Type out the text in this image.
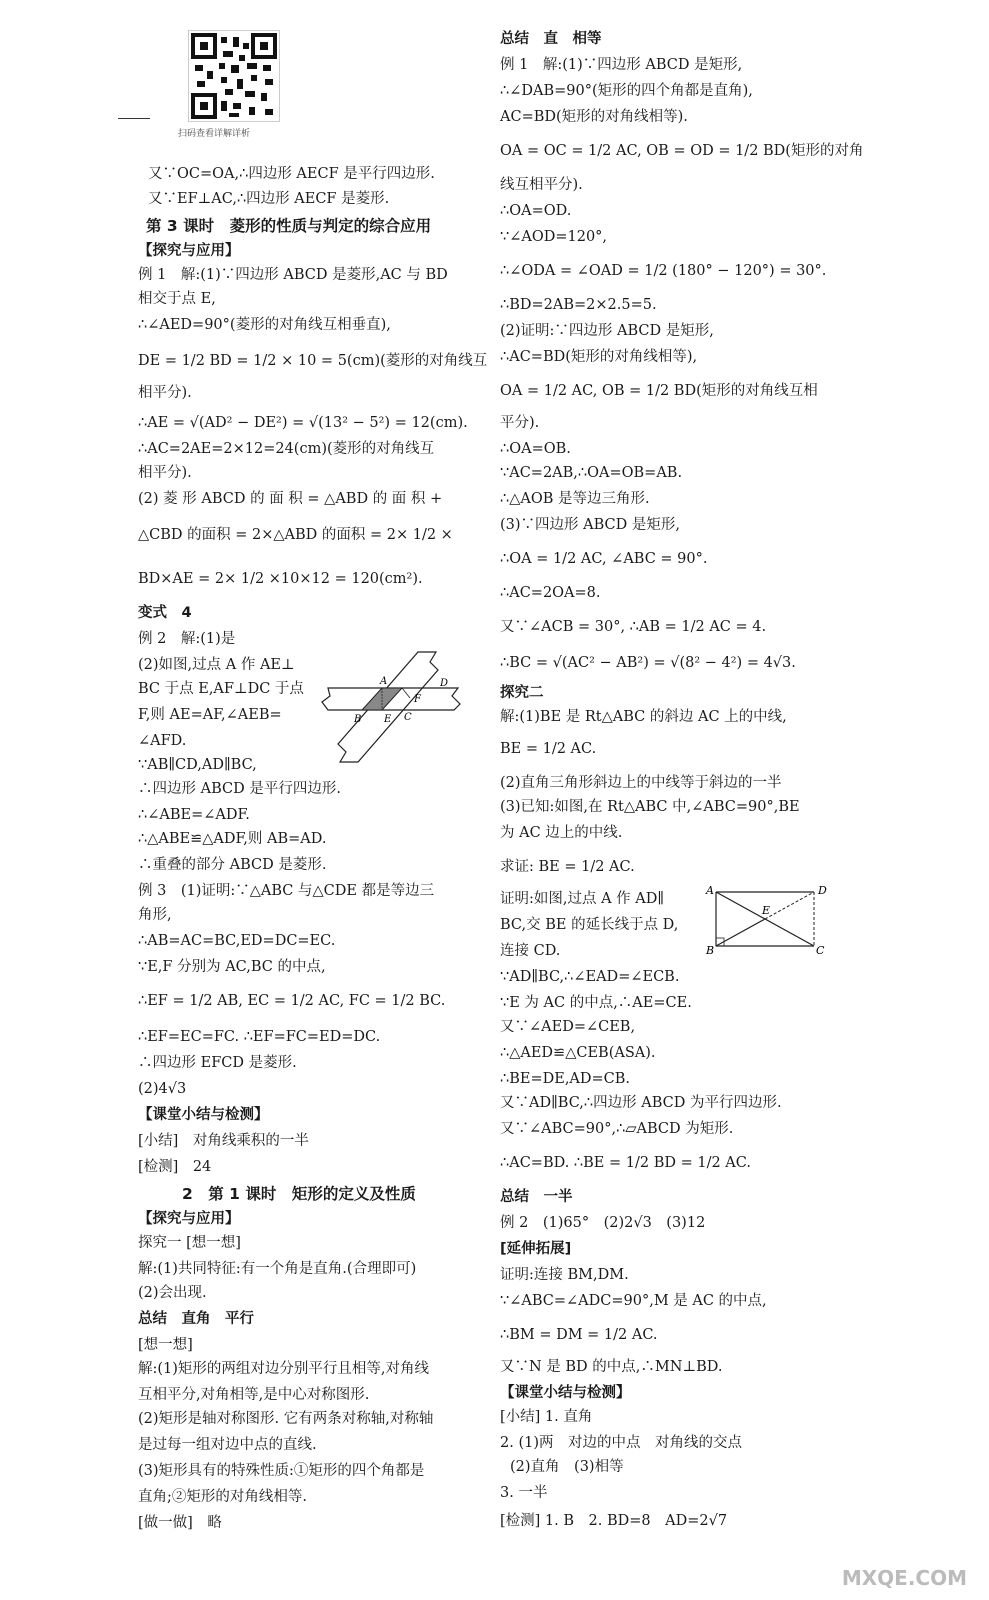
扫码查看详解详析
又∵OC=OA,∴四边形 AECF 是平行四边形.
又∵EF⊥AC,∴四边形 AECF 是菱形.
第 3 课时　菱形的性质与判定的综合应用
【探究与应用】
例 1　解:(1)∵四边形 ABCD 是菱形,AC 与 BD
相交于点 E,
∴∠AED=90°(菱形的对角线互相垂直),
DE = 1/2 BD = 1/2 × 10 = 5(cm)(菱形的对角线互
相平分).
∴AE = √(AD² − DE²) = √(13² − 5²) = 12(cm).
∴AC=2AE=2×12=24(cm)(菱形的对角线互
相平分).
(2) 菱 形 ABCD 的 面 积 = △ABD 的 面 积 +
△CBD 的面积 = 2×△ABD 的面积 = 2× 1/2 ×
BD×AE = 2× 1/2 ×10×12 = 120(cm²).
变式　4
例 2　解:(1)是
(2)如图,过点 A 作 AE⊥
BC 于点 E,AF⊥DC 于点
F,则 AE=AF,∠AEB=
∠AFD.
∵AB∥CD,AD∥BC,
∴四边形 ABCD 是平行四边形.
∴∠ABE=∠ADF.
∴△ABE≌△ADF,则 AB=AD.
∴重叠的部分 ABCD 是菱形.
例 3　(1)证明:∵△ABC 与△CDE 都是等边三
角形,
∴AB=AC=BC,ED=DC=EC.
∵E,F 分别为 AC,BC 的中点,
∴EF = 1/2 AB, EC = 1/2 AC, FC = 1/2 BC.
∴EF=EC=FC. ∴EF=FC=ED=DC.
∴四边形 EFCD 是菱形.
(2)4√3
【课堂小结与检测】
[小结]　对角线乘积的一半
[检测]　24
2　第 1 课时　矩形的定义及性质
【探究与应用】
探究一 [想一想]
解:(1)共同特征:有一个角是直角.(合理即可)
(2)会出现.
总结　直角　平行
[想一想]
解:(1)矩形的两组对边分别平行且相等,对角线
互相平分,对角相等,是中心对称图形.
(2)矩形是轴对称图形. 它有两条对称轴,对称轴
是过每一组对边中点的直线.
(3)矩形具有的特殊性质:①矩形的四个角都是
直角;②矩形的对角线相等.
[做一做]　略
总结　直　相等
例 1　解:(1)∵四边形 ABCD 是矩形,
∴∠DAB=90°(矩形的四个角都是直角),
AC=BD(矩形的对角线相等).
OA = OC = 1/2 AC, OB = OD = 1/2 BD(矩形的对角
线互相平分).
∴OA=OD.
∵∠AOD=120°,
∴∠ODA = ∠OAD = 1/2 (180° − 120°) = 30°.
∴BD=2AB=2×2.5=5.
(2)证明:∵四边形 ABCD 是矩形,
∴AC=BD(矩形的对角线相等),
OA = 1/2 AC, OB = 1/2 BD(矩形的对角线互相
平分).
∴OA=OB.
∵AC=2AB,∴OA=OB=AB.
∴△AOB 是等边三角形.
(3)∵四边形 ABCD 是矩形,
∴OA = 1/2 AC, ∠ABC = 90°.
∴AC=2OA=8.
又∵∠ACB = 30°, ∴AB = 1/2 AC = 4.
∴BC = √(AC² − AB²) = √(8² − 4²) = 4√3.
探究二
解:(1)BE 是 Rt△ABC 的斜边 AC 上的中线,
BE = 1/2 AC.
(2)直角三角形斜边上的中线等于斜边的一半
(3)已知:如图,在 Rt△ABC 中,∠ABC=90°,BE
为 AC 边上的中线.
求证: BE = 1/2 AC.
证明:如图,过点 A 作 AD∥
BC,交 BE 的延长线于点 D,
连接 CD.
∵AD∥BC,∴∠EAD=∠ECB.
∵E 为 AC 的中点,∴AE=CE.
又∵∠AED=∠CEB,
∴△AED≌△CEB(ASA).
∴BE=DE,AD=CB.
又∵AD∥BC,∴四边形 ABCD 为平行四边形.
又∵∠ABC=90°,∴▱ABCD 为矩形.
∴AC=BD. ∴BE = 1/2 BD = 1/2 AC.
总结　一半
例 2　(1)65°　(2)2√3　(3)12
[延伸拓展]
证明:连接 BM,DM.
∵∠ABC=∠ADC=90°,M 是 AC 的中点,
∴BM = DM = 1/2 AC.
又∵N 是 BD 的中点,∴MN⊥BD.
【课堂小结与检测】
[小结] 1. 直角
2. (1)两　对边的中点　对角线的交点
(2)直角　(3)相等
3. 一半
[检测] 1. B　2. BD=8　AD=2√7
A	D
F
B E C
A	D
E
B	C
MXQE.COM
